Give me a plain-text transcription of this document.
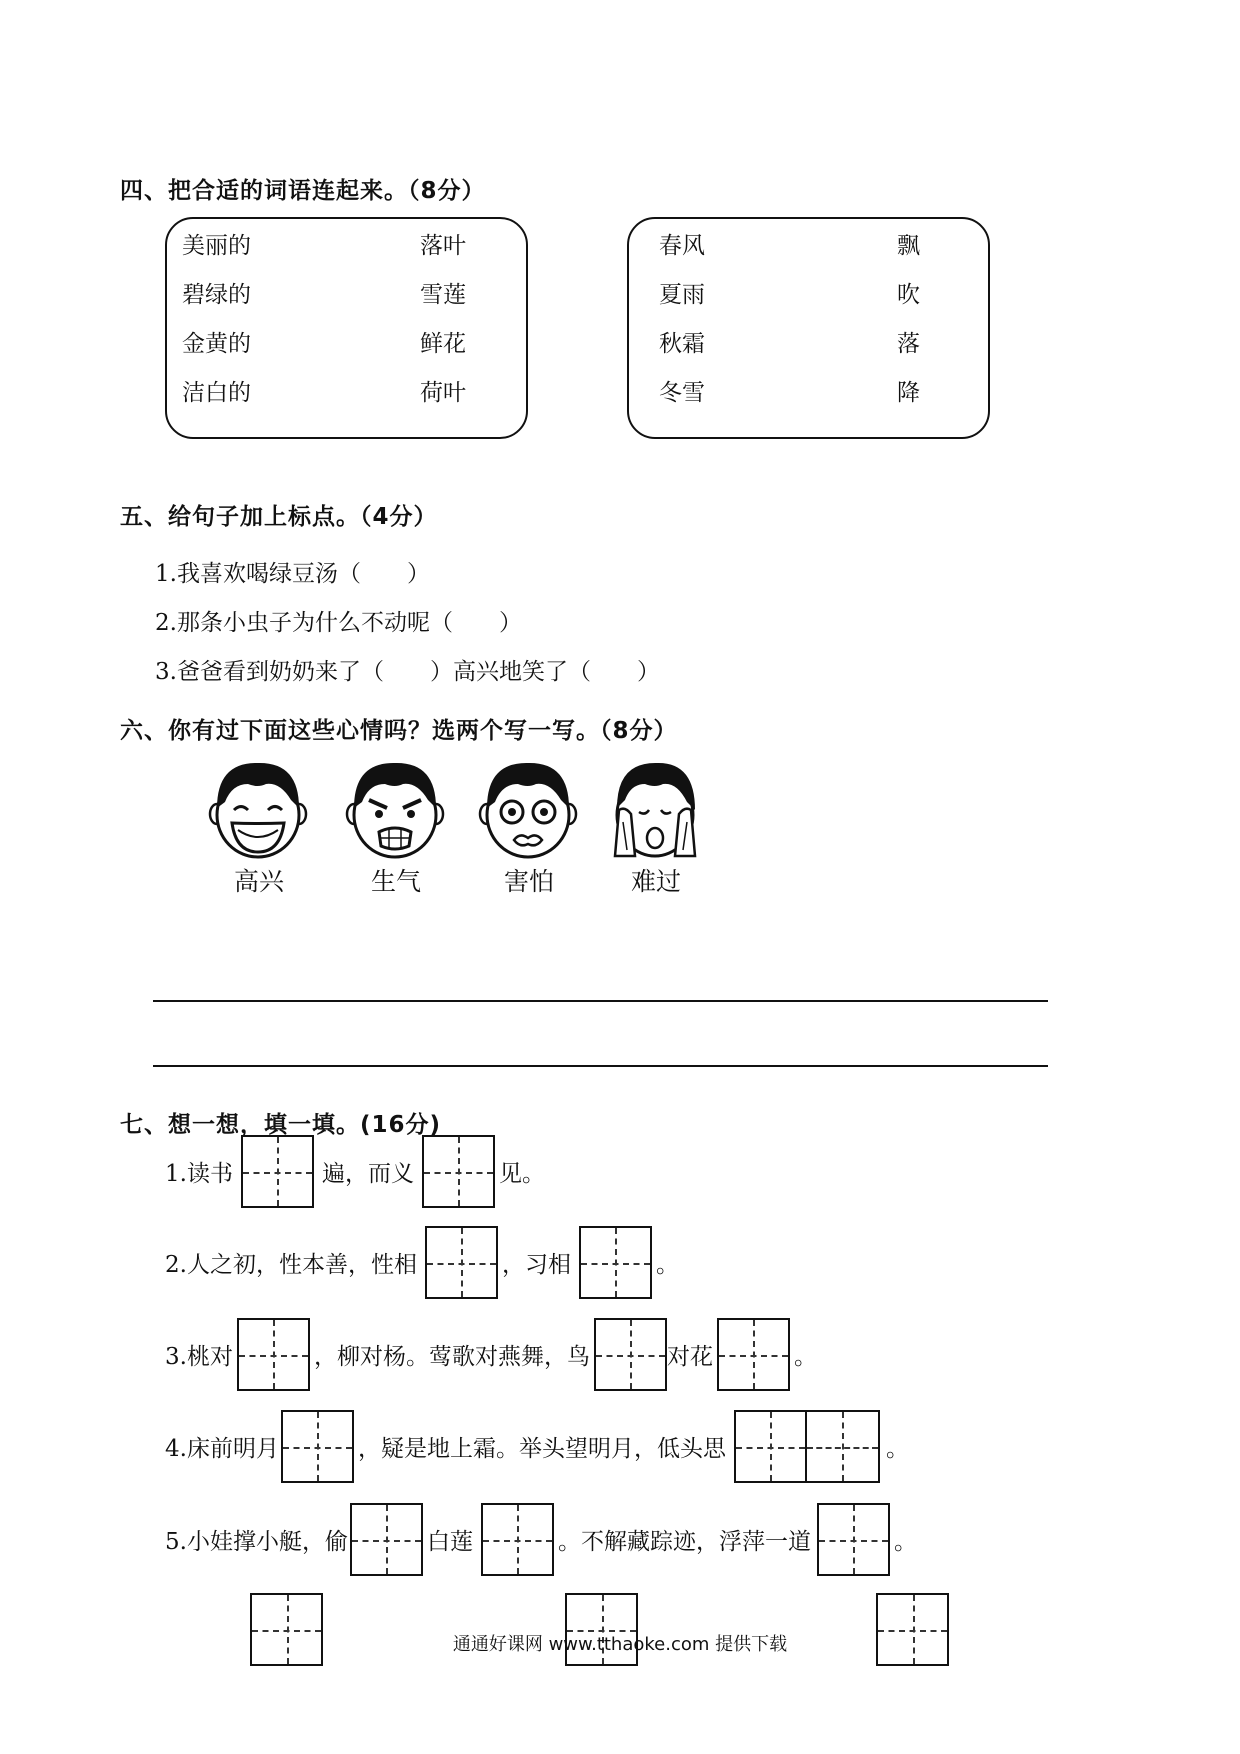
四、把合适的词语连起来。（8分）
美丽的	落叶
碧绿的	雪莲
金黄的	鲜花
洁白的	荷叶
春风	飘
夏雨	吹
秋霜	落
冬雪	降
五、给句子加上标点。（4分）
1.我喜欢喝绿豆汤（　　）
2.那条小虫子为什么不动呢（　　）
3.爸爸看到奶奶来了（　　）高兴地笑了（　　）
六、你有过下面这些心情吗？选两个写一写。（8分）
高兴	生气	害怕	难过
七、想一想，填一填。(16分)
1.读书	遍，而义	见。
2.人之初，性本善，性相	，习相	。
3.桃对	，柳对杨。莺歌对燕舞，鸟	对花	。
4.床前明月	，疑是地上霜。举头望明月，低头思	。
5.小娃撑小艇，偷	白莲	。不解藏踪迹，浮萍一道	。
通通好课网 www.tthaoke.com 提供下载
